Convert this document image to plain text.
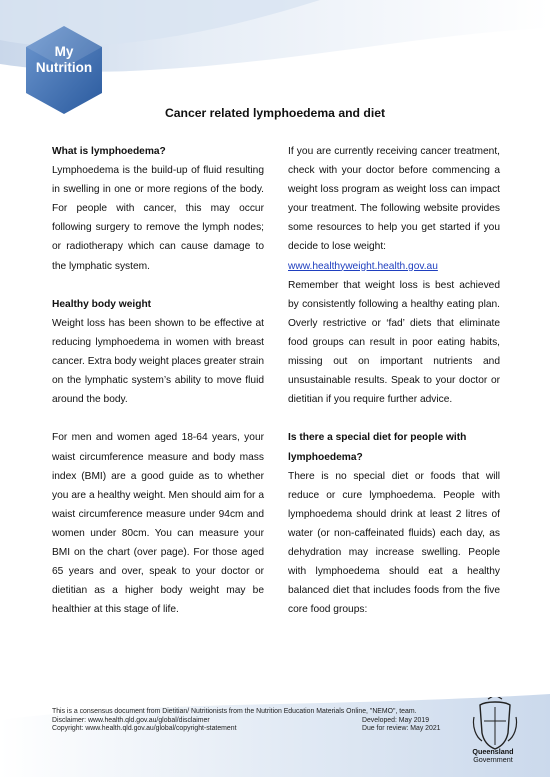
My
Nutrition
Cancer related lymphoedema and diet
What is lymphoedema?

Lymphoedema is the build-up of fluid resulting in swelling in one or more regions of the body. For people with cancer, this may occur following surgery to remove the lymph nodes; or radiotherapy which can cause damage to the lymphatic system.

Healthy body weight

Weight loss has been shown to be effective at reducing lymphoedema in women with breast cancer. Extra body weight places greater strain on the lymphatic system’s ability to move fluid around the body.

For men and women aged 18-64 years, your waist circumference measure and body mass index (BMI) are a good guide as to whether you are a healthy weight. Men should aim for a waist circumference measure under 94cm and women under 80cm. You can measure your BMI on the chart (over page). For those aged 65 years and over, speak to your doctor or dietitian as a higher body weight may be healthier at this stage of life.

If you are currently receiving cancer treatment, check with your doctor before commencing a weight loss program as weight loss can impact your treatment. The following website provides some resources to help you get started if you decide to lose weight:

www.healthyweight.health.gov.au

Remember that weight loss is best achieved by consistently following a healthy eating plan. Overly restrictive or ‘fad’ diets that eliminate food groups can result in poor eating habits, missing out on important nutrients and unsustainable results. Speak to your doctor or dietitian if you require further advice.

Is there a special diet for people with lymphoedema?

There is no special diet or foods that will reduce or cure lymphoedema. People with lymphoedema should drink at least 2 litres of water (or non-caffeinated fluids) each day, as dehydration may increase swelling. People with lymphoedema should eat a healthy balanced diet that includes foods from the five core food groups:

This is a consensus document from Dietitian/ Nutritionists from the Nutrition Education Materials Online, "NEMO", team.
Disclaimer: www.health.qld.gov.au/global/disclaimer	Developed: May 2019
Copyright: www.health.qld.gov.au/global/copyright-statement	Due for review: May 2021
Queensland
Government
